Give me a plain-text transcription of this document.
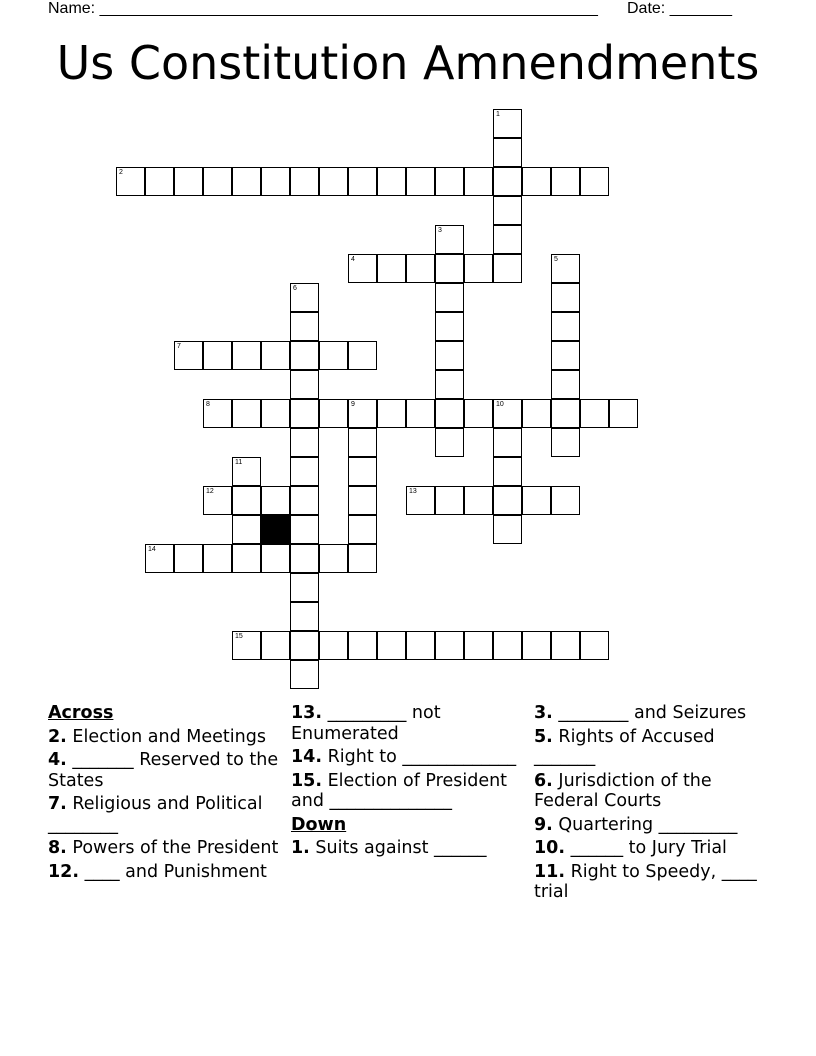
Name: ________________________________________________________ Date: _______
Us Constitution Amnendments
1
2
3
4	5
6
7
8	9	10
11
12	13
14
15
Across
2. Election and Meetings
4. _______ Reserved to the States
7. Religious and Political ________
8. Powers of the President
12. ____ and Punishment
13. _________ not Enumerated
14. Right to _____________
15. Election of President and ______________
Down
1. Suits against ______
3. ________ and Seizures
5. Rights of Accused _______
6. Jurisdiction of the Federal Courts
9. Quartering _________
10. ______ to Jury Trial
11. Right to Speedy, ____ trial
